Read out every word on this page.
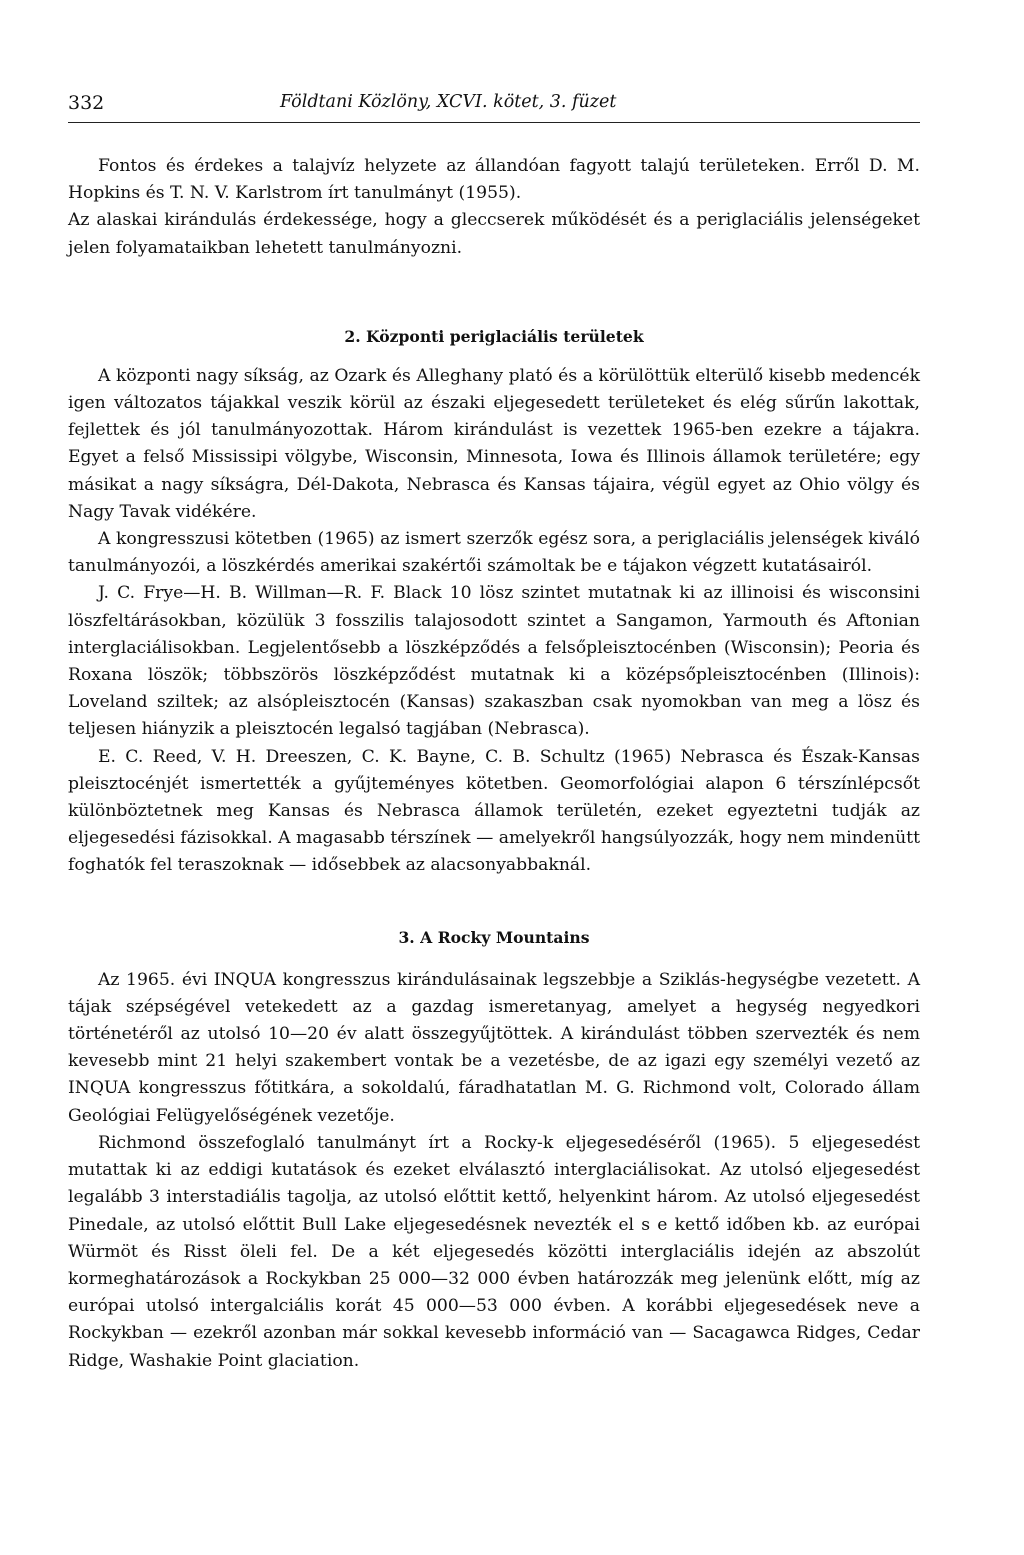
332	Földtani Közlöny, XCVI. kötet, 3. füzet

Fontos és érdekes a talajvíz helyzete az állandóan fagyott talajú területeken. Erről D. M. Hopkins és T. N. V. Karlstrom írt tanulmányt (1955).

Az alaskai kirándulás érdekessége, hogy a gleccserek működését és a periglaciális jelenségeket jelen folyamataikban lehetett tanulmányozni.

2. Központi periglaciális területek

A központi nagy síkság, az Ozark és Alleghany plató és a körülöttük elterülő kisebb medencék igen változatos tájakkal veszik körül az északi eljegesedett területeket és elég sűrűn lakottak, fejlettek és jól tanulmányozottak. Három kirándulást is vezettek 1965-ben ezekre a tájakra. Egyet a felső Mississipi völgybe, Wisconsin, Minnesota, Iowa és Illinois államok területére; egy másikat a nagy síkságra, Dél-Dakota, Nebrasca és Kansas tájaira, végül egyet az Ohio völgy és Nagy Tavak vidékére.

A kongresszusi kötetben (1965) az ismert szerzők egész sora, a periglaciális jelenségek kiváló tanulmányozói, a löszkérdés amerikai szakértői számoltak be e tájakon végzett kutatásairól.

J. C. Frye—H. B. Willman—R. F. Black 10 lösz szintet mutatnak ki az illinoisi és wisconsini löszfeltárásokban, közülük 3 fosszilis talajosodott szintet a Sangamon, Yarmouth és Aftonian interglaciálisokban. Legjelentősebb a löszképződés a felsőpleisztocénben (Wisconsin); Peoria és Roxana löszök; többszörös löszképződést mutatnak ki a középsőpleisztocénben (Illinois): Loveland sziltek; az alsópleisztocén (Kansas) szakaszban csak nyomokban van meg a lösz és teljesen hiányzik a pleisztocén legalsó tagjában (Nebrasca).

E. C. Reed, V. H. Dreeszen, C. K. Bayne, C. B. Schultz (1965) Nebrasca és Észak-Kansas pleisztocénjét ismertették a gyűjteményes kötetben. Geomorfológiai alapon 6 térszínlépcsőt különböztetnek meg Kansas és Nebrasca államok területén, ezeket egyeztetni tudják az eljegesedési fázisokkal. A magasabb térszínek — amelyekről hangsúlyozzák, hogy nem mindenütt foghatók fel teraszoknak — idősebbek az alacsonyabbaknál.

3. A Rocky Mountains

Az 1965. évi INQUA kongresszus kirándulásainak legszebbje a Sziklás-hegységbe vezetett. A tájak szépségével vetekedett az a gazdag ismeretanyag, amelyet a hegység negyedkori történetéről az utolsó 10—20 év alatt összegyűjtöttek. A kirándulást többen szervezték és nem kevesebb mint 21 helyi szakembert vontak be a vezetésbe, de az igazi egy személyi vezető az INQUA kongresszus főtitkára, a sokoldalú, fáradhatatlan M. G. Richmond volt, Colorado állam Geológiai Felügyelőségének vezetője.

Richmond összefoglaló tanulmányt írt a Rocky-k eljegesedéséről (1965). 5 eljegesedést mutattak ki az eddigi kutatások és ezeket elválasztó interglaciálisokat. Az utolsó eljegesedést legalább 3 interstadiális tagolja, az utolsó előttit kettő, helyenkint három. Az utolsó eljegesedést Pinedale, az utolsó előttit Bull Lake eljegesedésnek nevezték el s e kettő időben kb. az európai Würmöt és Risst öleli fel. De a két eljegesedés közötti interglaciális idején az abszolút kormeghatározások a Rockykban 25 000—32 000 évben határozzák meg jelenünk előtt, míg az európai utolsó intergalciális korát 45 000—53 000 évben. A korábbi eljegesedések neve a Rockykban — ezekről azonban már sokkal kevesebb információ van — Sacagawca Ridges, Cedar Ridge, Washakie Point glaciation.
